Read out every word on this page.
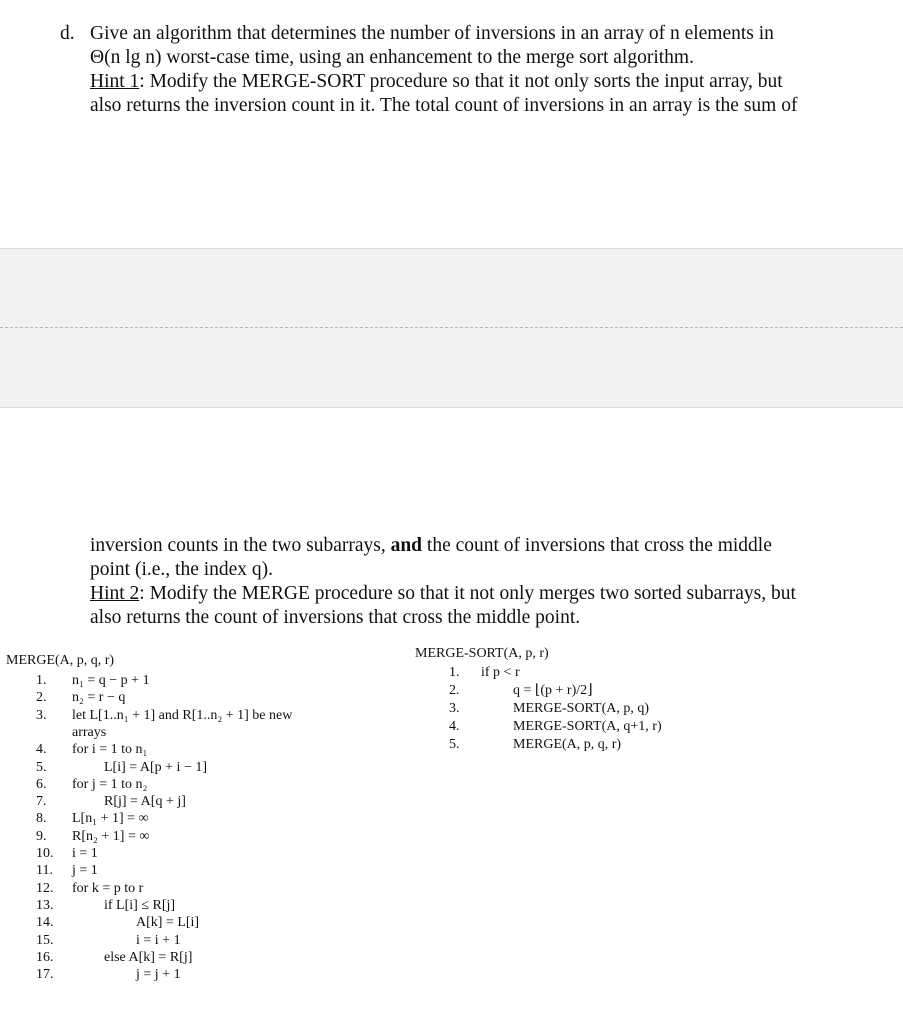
d. Give an algorithm that determines the number of inversions in an array of n elements in
Θ(n lg n) worst-case time, using an enhancement to the merge sort algorithm.
Hint 1: Modify the MERGE-SORT procedure so that it not only sorts the input array, but
also returns the inversion count in it. The total count of inversions in an array is the sum of
inversion counts in the two subarrays, and the count of inversions that cross the middle
point (i.e., the index q).
Hint 2: Modify the MERGE procedure so that it not only merges two sorted subarrays, but
also returns the count of inversions that cross the middle point.
MERGE(A, p, q, r)
1. n₁ = q − p + 1
2. n₂ = r − q
3. let L[1..n₁ + 1] and R[1..n₂ + 1] be new
arrays
4. for i = 1 to n₁
5.	L[i] = A[p + i − 1]
6. for j = 1 to n₂
7.	R[j] = A[q + j]
8. L[n₁ + 1] = ∞
9. R[n₂ + 1] = ∞
10. i = 1
11. j = 1
12. for k = p to r
13.	if L[i] ≤ R[j]
14.	A[k] = L[i]
15.	i = i + 1
16.	else A[k] = R[j]
17.	j = j + 1
MERGE-SORT(A, p, r)
1. if p < r
2.	q = ⌊(p + r)/2⌋
3.	MERGE-SORT(A, p, q)
4.	MERGE-SORT(A, q+1, r)
5.	MERGE(A, p, q, r)
